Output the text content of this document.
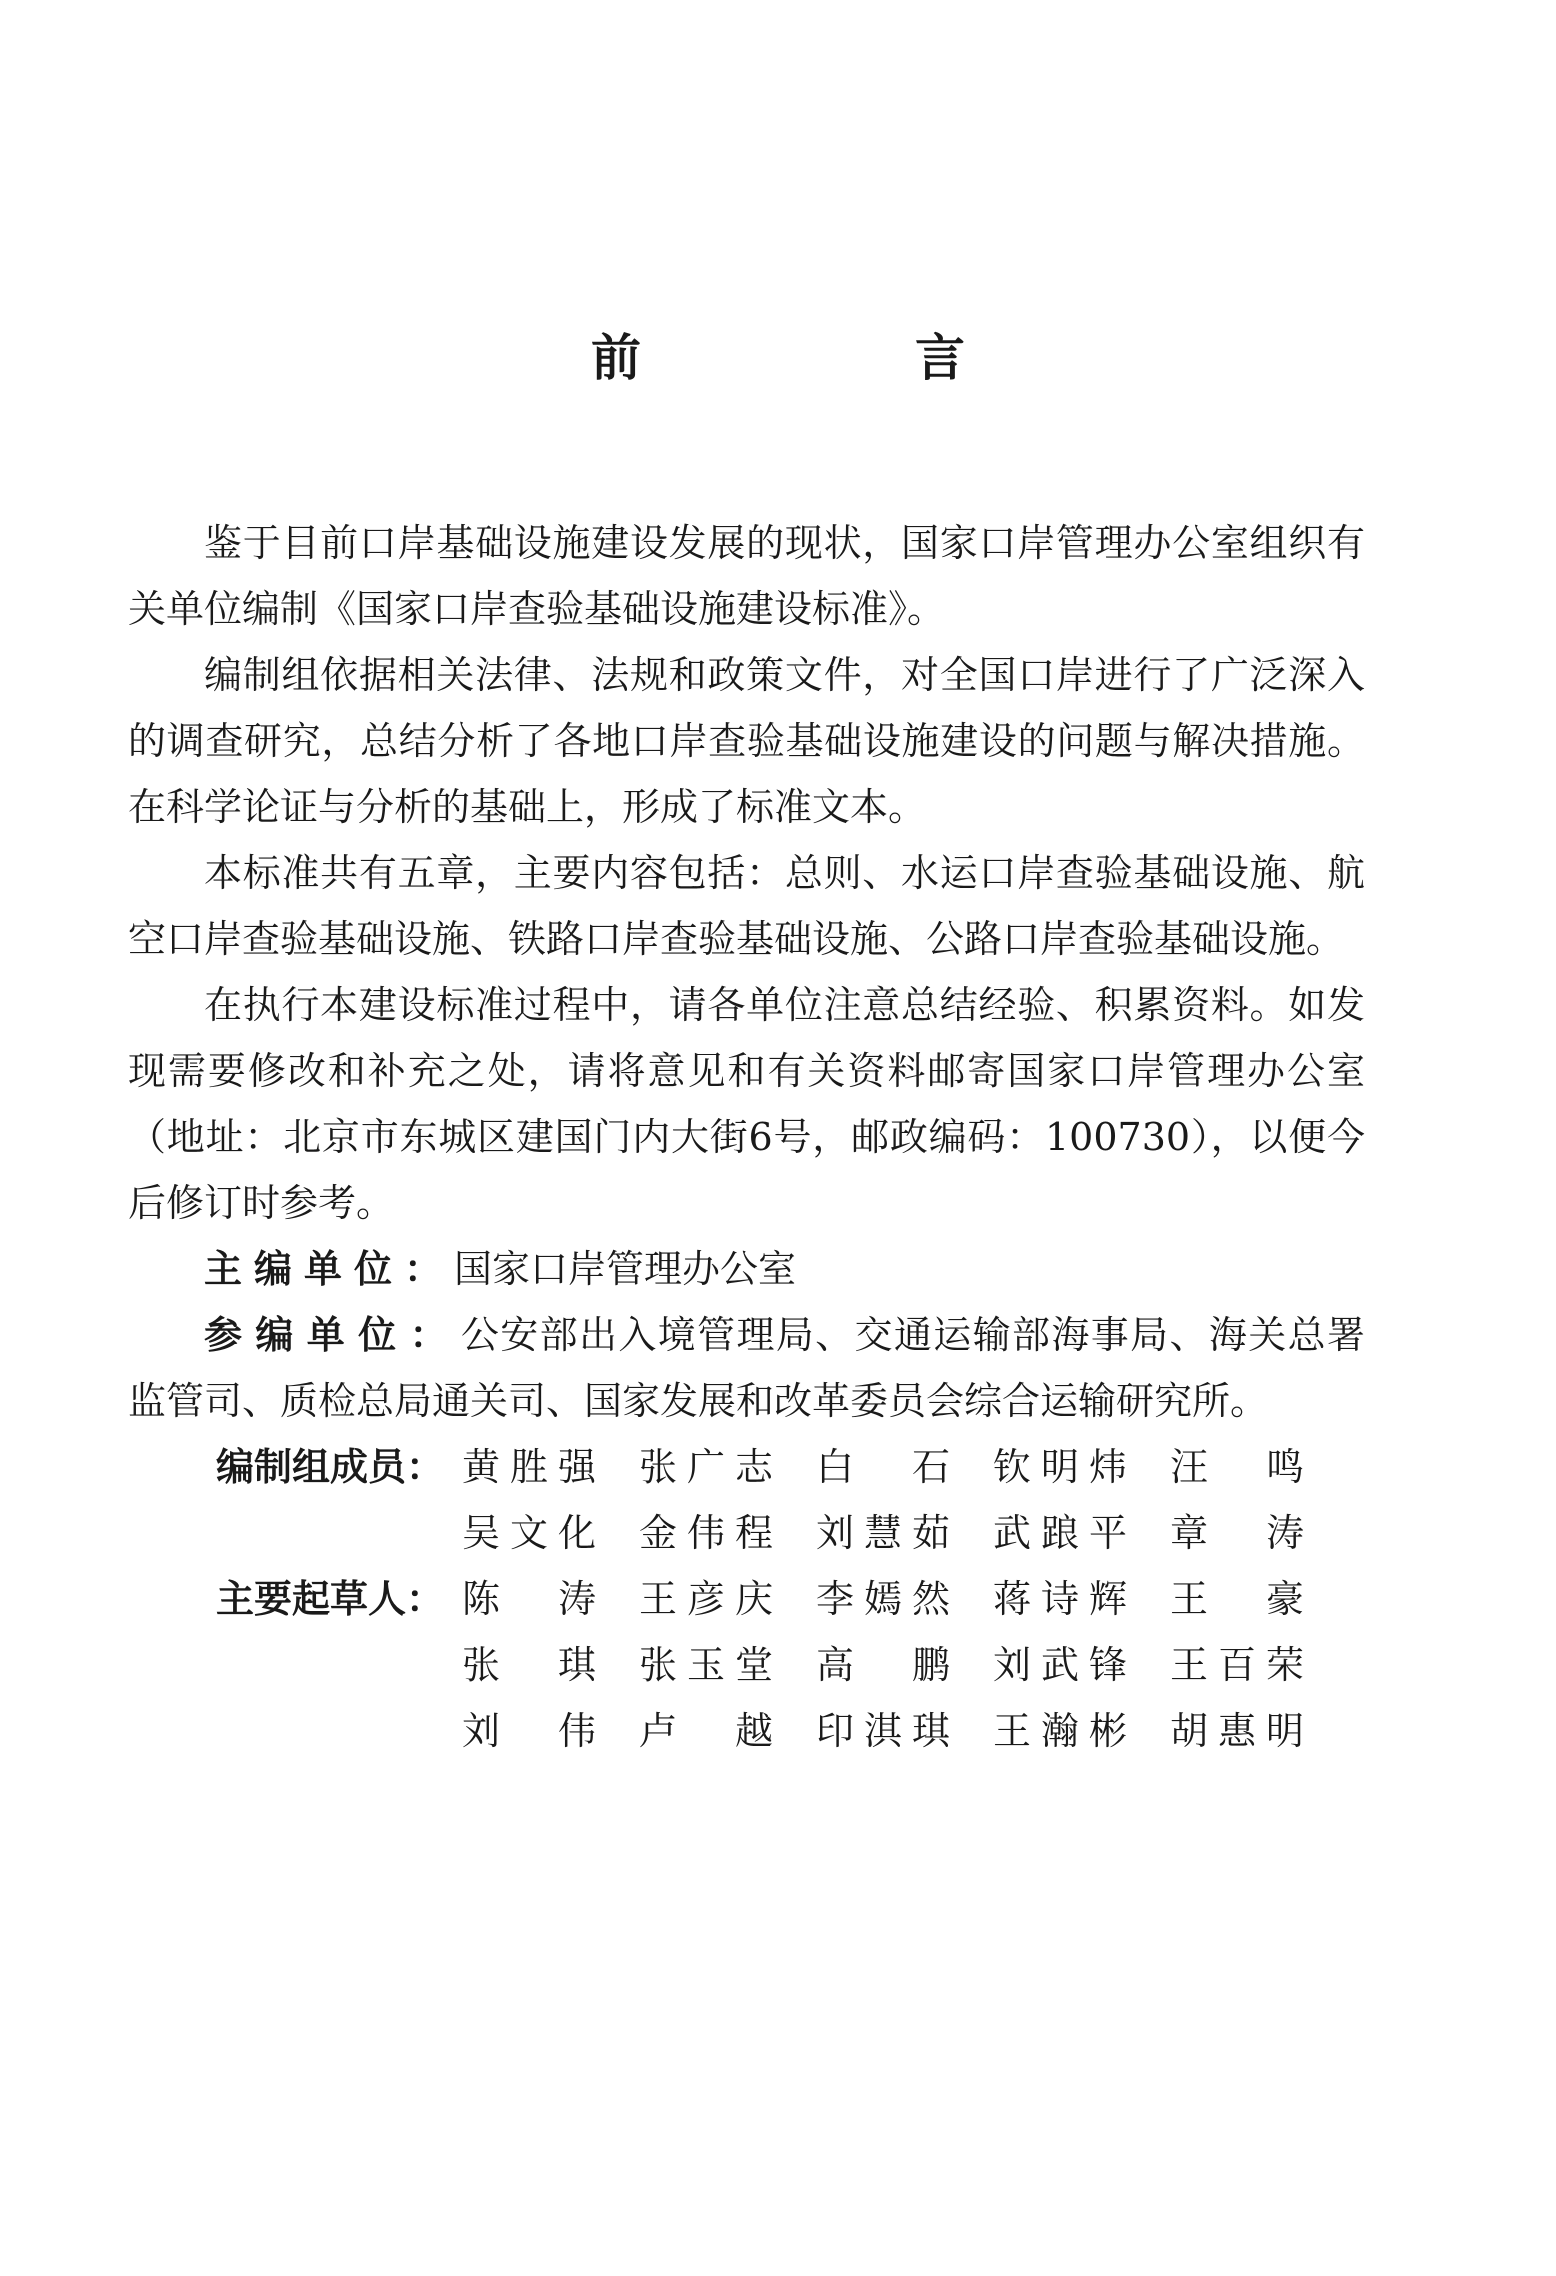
前　言

鉴于目前口岸基础设施建设发展的现状，国家口岸管理办公室组织有关单位编制《国家口岸查验基础设施建设标准》。

编制组依据相关法律、法规和政策文件，对全国口岸进行了广泛深入的调查研究，总结分析了各地口岸查验基础设施建设的问题与解决措施。在科学论证与分析的基础上，形成了标准文本。

本标准共有五章，主要内容包括：总则、水运口岸查验基础设施、航空口岸查验基础设施、铁路口岸查验基础设施、公路口岸查验基础设施。

在执行本建设标准过程中，请各单位注意总结经验、积累资料。如发现需要修改和补充之处，请将意见和有关资料邮寄国家口岸管理办公室（地址：北京市东城区建国门内大街6号，邮政编码：100730），以便今后修订时参考。

主编单位：国家口岸管理办公室

参编单位：公安部出入境管理局、交通运输部海事局、海关总署监管司、质检总局通关司、国家发展和改革委员会综合运输研究所。

编制组成员： 黄胜强 张广志 白　石 钦明炜 汪　鸣
吴文化 金伟程 刘慧茹 武踉平 章　涛
主要起草人： 陈　涛 王彦庆 李嫣然 蒋诗辉 王　豪
张　琪 张玉堂 高　鹏 刘武锋 王百荣
刘　伟 卢　越 印淇琪 王瀚彬 胡惠明
